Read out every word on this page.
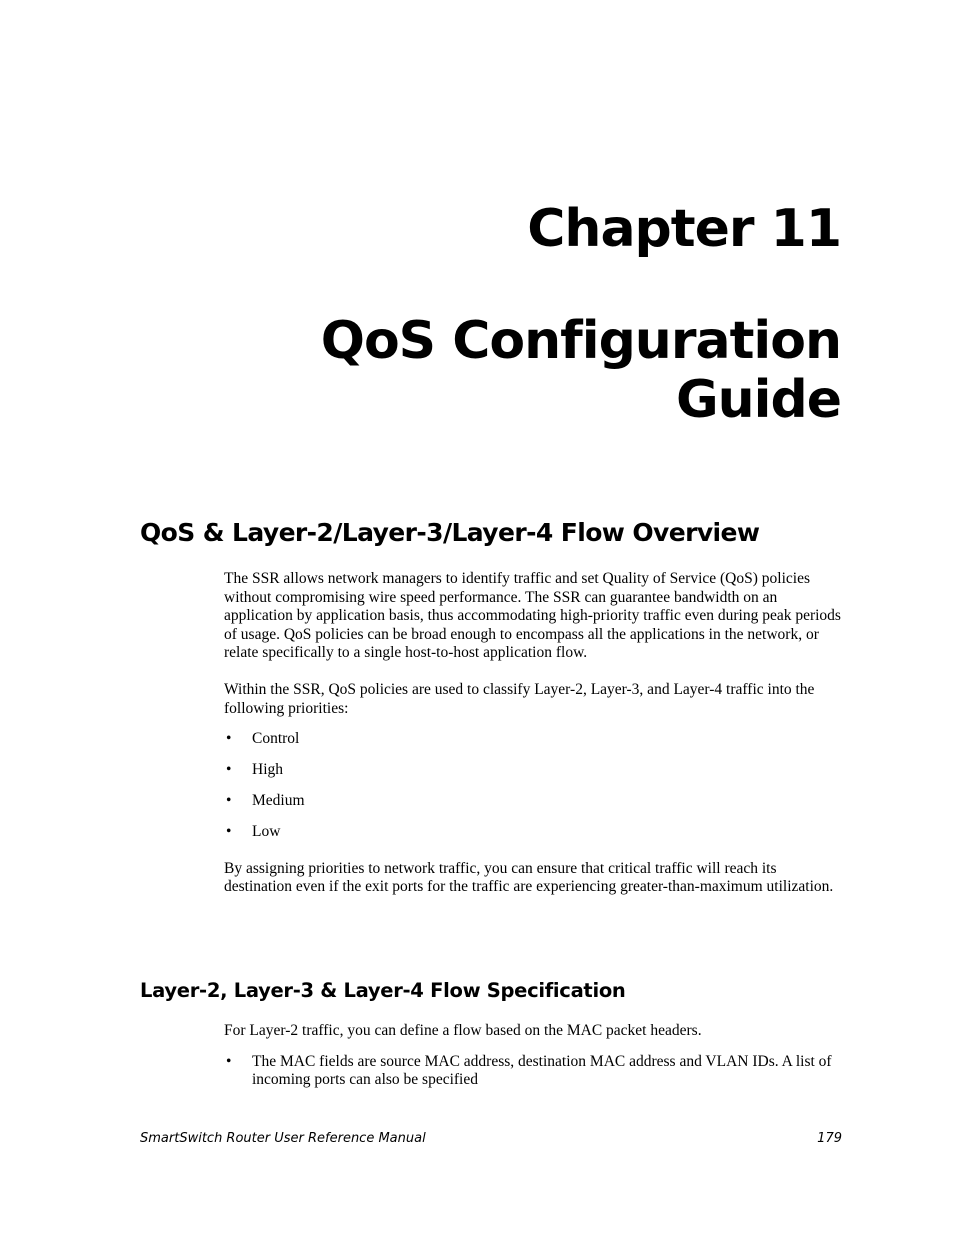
Chapter 11
QoS Configuration
Guide
QoS & Layer-2/Layer-3/Layer-4 Flow Overview

The SSR allows network managers to identify traffic and set Quality of Service (QoS) policies without compromising wire speed performance. The SSR can guarantee bandwidth on an application by application basis, thus accommodating high-priority traffic even during peak periods of usage. QoS policies can be broad enough to encompass all the applications in the network, or relate specifically to a single host-to-host application flow.

Within the SSR, QoS policies are used to classify Layer-2, Layer-3, and Layer-4 traffic into the following priorities:

• Control
• High
• Medium
• Low

By assigning priorities to network traffic, you can ensure that critical traffic will reach its destination even if the exit ports for the traffic are experiencing greater-than-maximum utilization.

Layer-2, Layer-3 & Layer-4 Flow Specification

For Layer-2 traffic, you can define a flow based on the MAC packet headers.

• The MAC fields are source MAC address, destination MAC address and VLAN IDs. A list of incoming ports can also be specified
SmartSwitch Router User Reference Manual	179
